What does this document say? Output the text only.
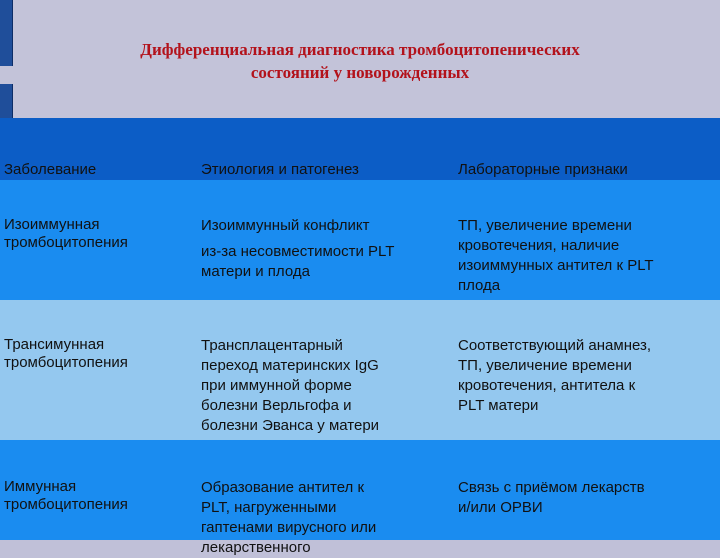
Дифференциальная диагностика тромбоцитопенических
состояний у новорожденных
Заболевание	Этиология и патогенез	Лабораторные признаки
Изоиммунная
тромбоцитопения
Изоиммунный конфликт
из-за несовместимости PLT
матери и плода
ТП, увеличение времени
кровотечения, наличие
изоиммунных антител к PLT
плода
Трансимунная
тромбоцитопения
Трансплацентарный
переход материнских IgG
при иммунной форме
болезни Верльгофа и
болезни Эванса у матери
Соответствующий анамнез,
ТП, увеличение времени
кровотечения, антитела к
PLT матери
Иммунная
тромбоцитопения
Образование антител к
PLT, нагруженными
гаптенами вирусного или
лекарственного
Связь с приёмом лекарств
и/или ОРВИ
